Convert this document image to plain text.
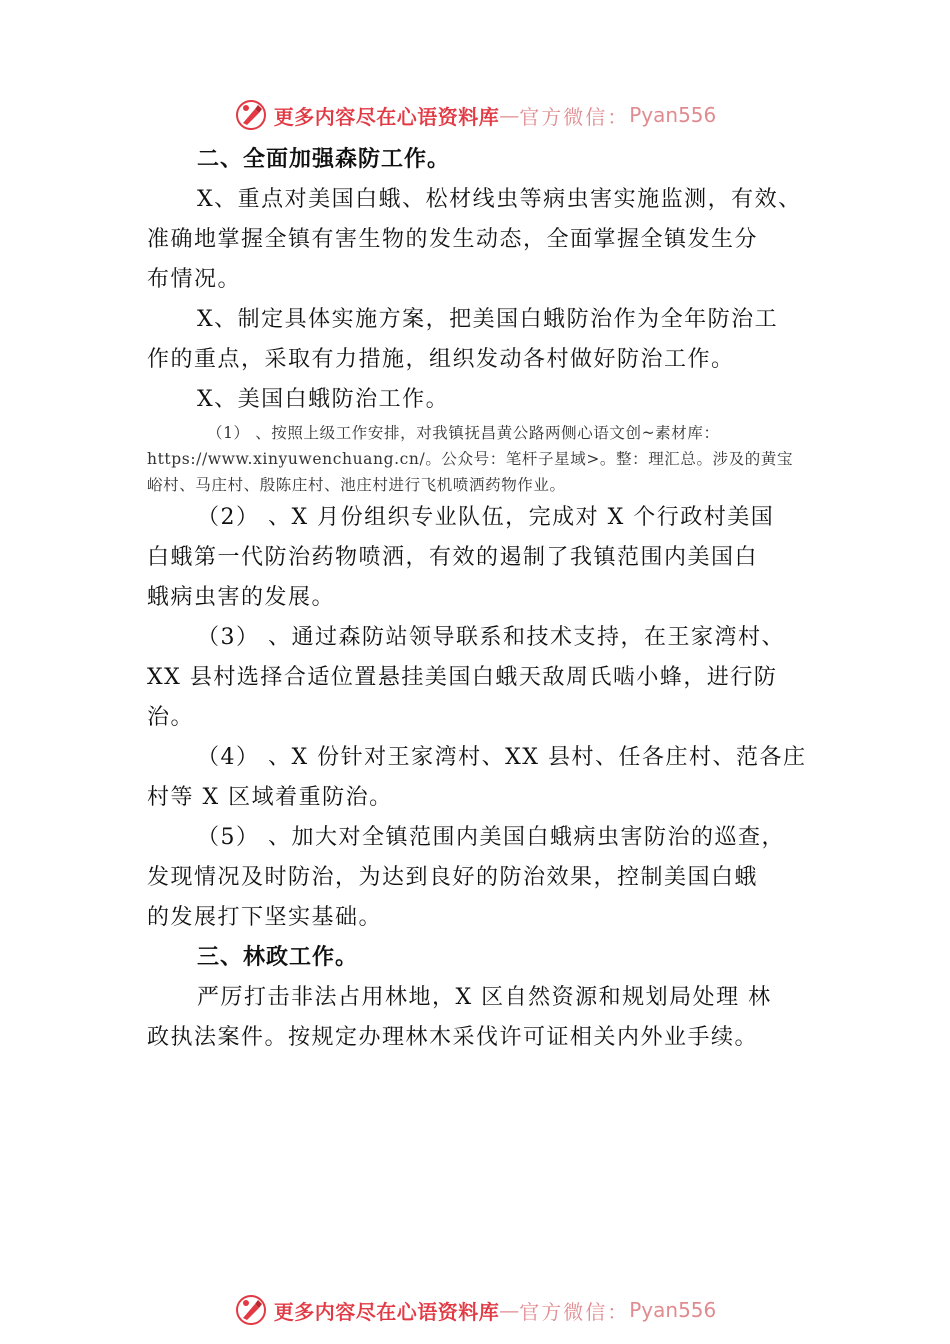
更多内容尽在心语资料库 — 官方微信： Pyan556
二、全面加强森防工作。
X、重点对美国白蛾、松材线虫等病虫害实施监测，有效、
准确地掌握全镇有害生物的发生动态，全面掌握全镇发生分
布情况。
X、制定具体实施方案，把美国白蛾防治作为全年防治工
作的重点，采取有力措施，组织发动各村做好防治工作。
X、美国白蛾防治工作。
（1） 、按照上级工作安排，对我镇抚昌黄公路两侧心语文创~素材库：
https://www.xinyuwenchuang.cn/。公众号：笔杆子星域>。整：理汇总。涉及的黄宝
峪村、马庄村、殷陈庄村、池庄村进行飞机喷洒药物作业。
（2） 、X 月份组织专业队伍，完成对 X 个行政村美国
白蛾第一代防治药物喷洒，有效的遏制了我镇范围内美国白
蛾病虫害的发展。
（3） 、通过森防站领导联系和技术支持，在王家湾村、
XX 县村选择合适位置悬挂美国白蛾天敌周氏啮小蜂，进行防
治。
（4） 、X 份针对王家湾村、XX 县村、任各庄村、范各庄
村等 X 区域着重防治。
（5） 、加大对全镇范围内美国白蛾病虫害防治的巡查，
发现情况及时防治，为达到良好的防治效果，控制美国白蛾
的发展打下坚实基础。
三、林政工作。
严厉打击非法占用林地，X 区自然资源和规划局处理 林
政执法案件。按规定办理林木采伐许可证相关内外业手续。
更多内容尽在心语资料库 — 官方微信： Pyan556
